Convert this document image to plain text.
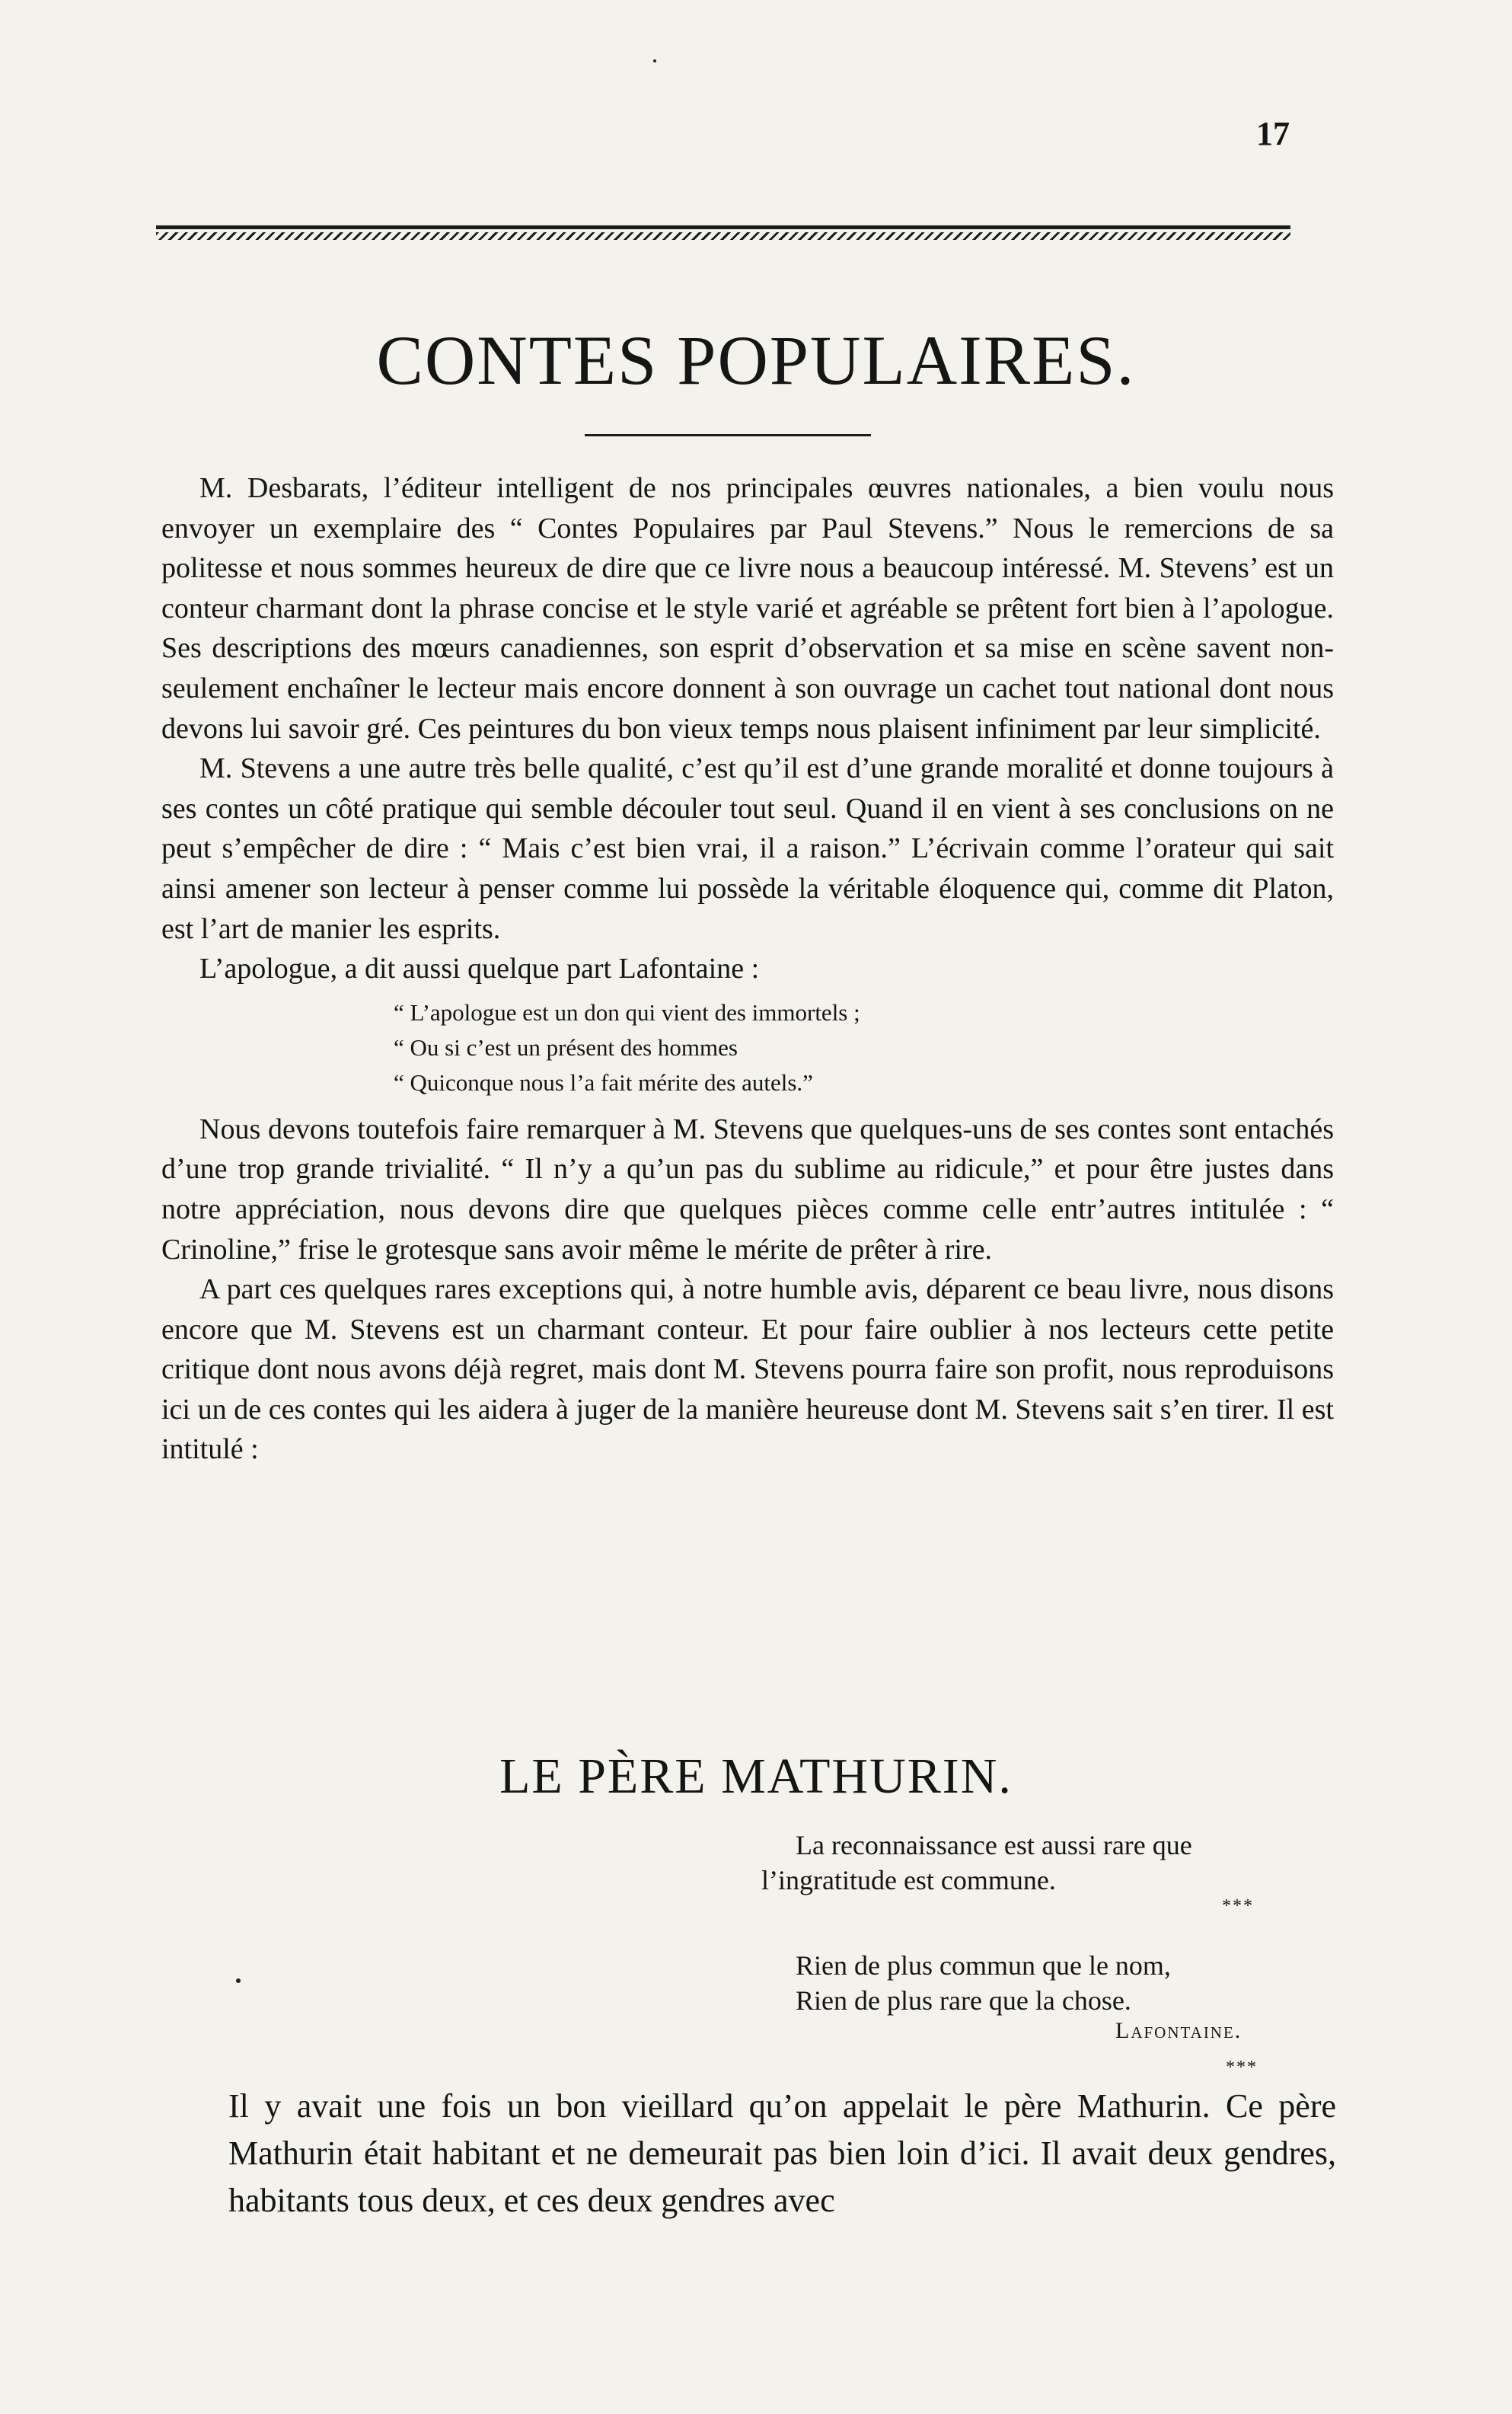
17
CONTES POPULAIRES.

M. Desbarats, l’éditeur intelligent de nos principales œuvres nationales, a bien voulu nous envoyer un exemplaire des “ Contes Populaires par Paul Stevens.” Nous le remercions de sa politesse et nous sommes heureux de dire que ce livre nous a beaucoup intéressé. M. Stevens’ est un conteur charmant dont la phrase concise et le style varié et agréable se prêtent fort bien à l’apologue. Ses descriptions des mœurs canadiennes, son esprit d’observation et sa mise en scène savent non-seulement enchaîner le lecteur mais encore donnent à son ouvrage un cachet tout national dont nous devons lui savoir gré. Ces peintures du bon vieux temps nous plaisent infiniment par leur simplicité.

M. Stevens a une autre très belle qualité, c’est qu’il est d’une grande moralité et donne toujours à ses contes un côté pratique qui semble découler tout seul. Quand il en vient à ses conclusions on ne peut s’empêcher de dire : “ Mais c’est bien vrai, il a raison.” L’écrivain comme l’orateur qui sait ainsi amener son lecteur à penser comme lui possède la véritable éloquence qui, comme dit Platon, est l’art de manier les esprits.

L’apologue, a dit aussi quelque part Lafontaine :

“ L’apologue est un don qui vient des immortels ;
“ Ou si c’est un présent des hommes
“ Quiconque nous l’a fait mérite des autels.”

Nous devons toutefois faire remarquer à M. Stevens que quelques-uns de ses contes sont entachés d’une trop grande trivialité. “ Il n’y a qu’un pas du sublime au ridicule,” et pour être justes dans notre appréciation, nous devons dire que quelques pièces comme celle entr’autres intitulée : “ Crinoline,” frise le grotesque sans avoir même le mérite de prêter à rire.

A part ces quelques rares exceptions qui, à notre humble avis, déparent ce beau livre, nous disons encore que M. Stevens est un charmant conteur. Et pour faire oublier à nos lecteurs cette petite critique dont nous avons déjà regret, mais dont M. Stevens pourra faire son profit, nous reproduisons ici un de ces contes qui les aidera à juger de la manière heureuse dont M. Stevens sait s’en tirer. Il est intitulé :

LE PÈRE MATHURIN.
La reconnaissance est aussi rare que
l’ingratitude est commune.
***
Rien de plus commun que le nom,
Rien de plus rare que la chose.
Lafontaine.
***

Il y avait une fois un bon vieillard qu’on appelait le père Mathurin. Ce père Mathurin était habitant et ne demeurait pas bien loin d’ici. Il avait deux gendres, habitants tous deux, et ces deux gendres avec
